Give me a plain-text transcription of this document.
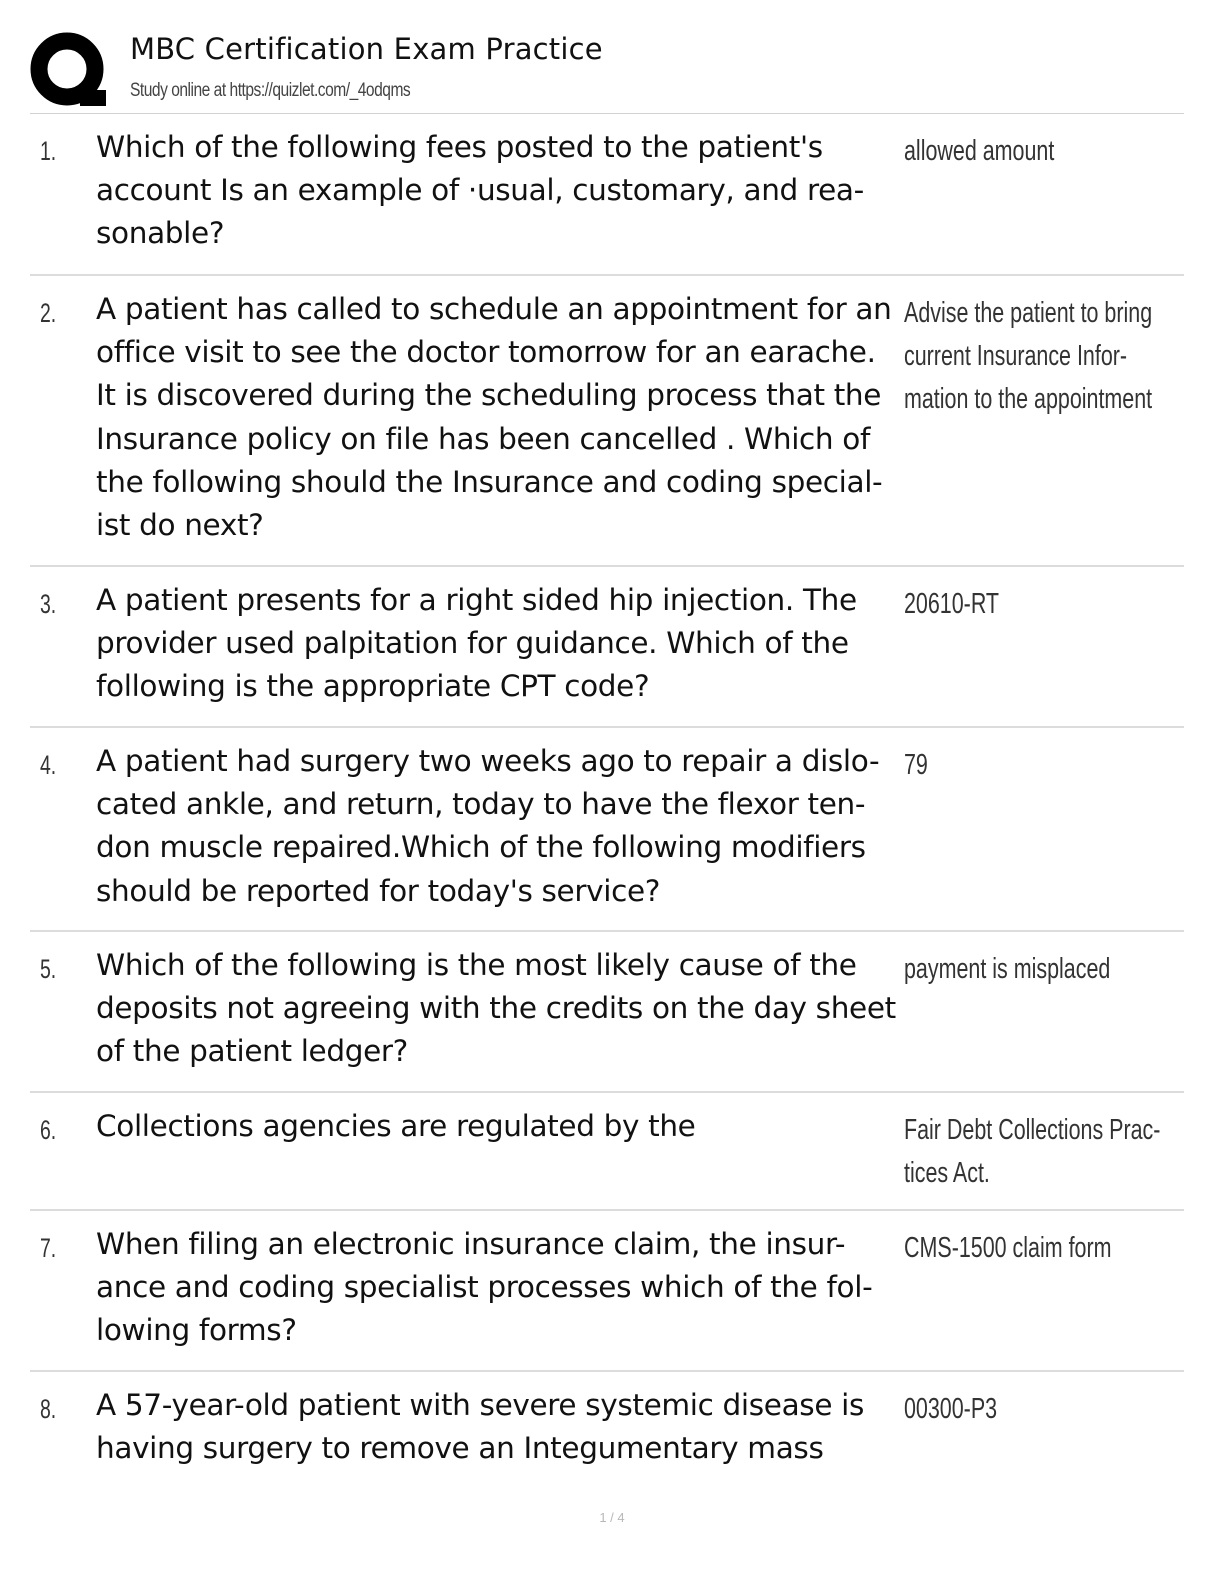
MBC Certification Exam Practice
Study online at https://quizlet.com/_4odqms
1. Which of the following fees posted to the patient's
account Is an example of ·usual, customary, and rea-
sonable?
allowed amount
2. A patient has called to schedule an appointment for an
office visit to see the doctor tomorrow for an earache.
It is discovered during the scheduling process that the
Insurance policy on file has been cancelled . Which of
the following should the Insurance and coding special-
ist do next?
Advise the patient to bring
current Insurance Infor-
mation to the appointment
3. A patient presents for a right sided hip injection. The
provider used palpitation for guidance. Which of the
following is the appropriate CPT code?
20610-RT
4. A patient had surgery two weeks ago to repair a dislo-
cated ankle, and return, today to have the flexor ten-
don muscle repaired.Which of the following modifiers
should be reported for today's service?
79
5. Which of the following is the most likely cause of the
deposits not agreeing with the credits on the day sheet
of the patient ledger?
payment is misplaced
6. Collections agencies are regulated by the	Fair Debt Collections Prac-
tices Act.
7. When filing an electronic insurance claim, the insur-
ance and coding specialist processes which of the fol-
lowing forms?
CMS-1500 claim form
8. A 57-year-old patient with severe systemic disease is
having surgery to remove an Integumentary mass
00300-P3
1 / 4
